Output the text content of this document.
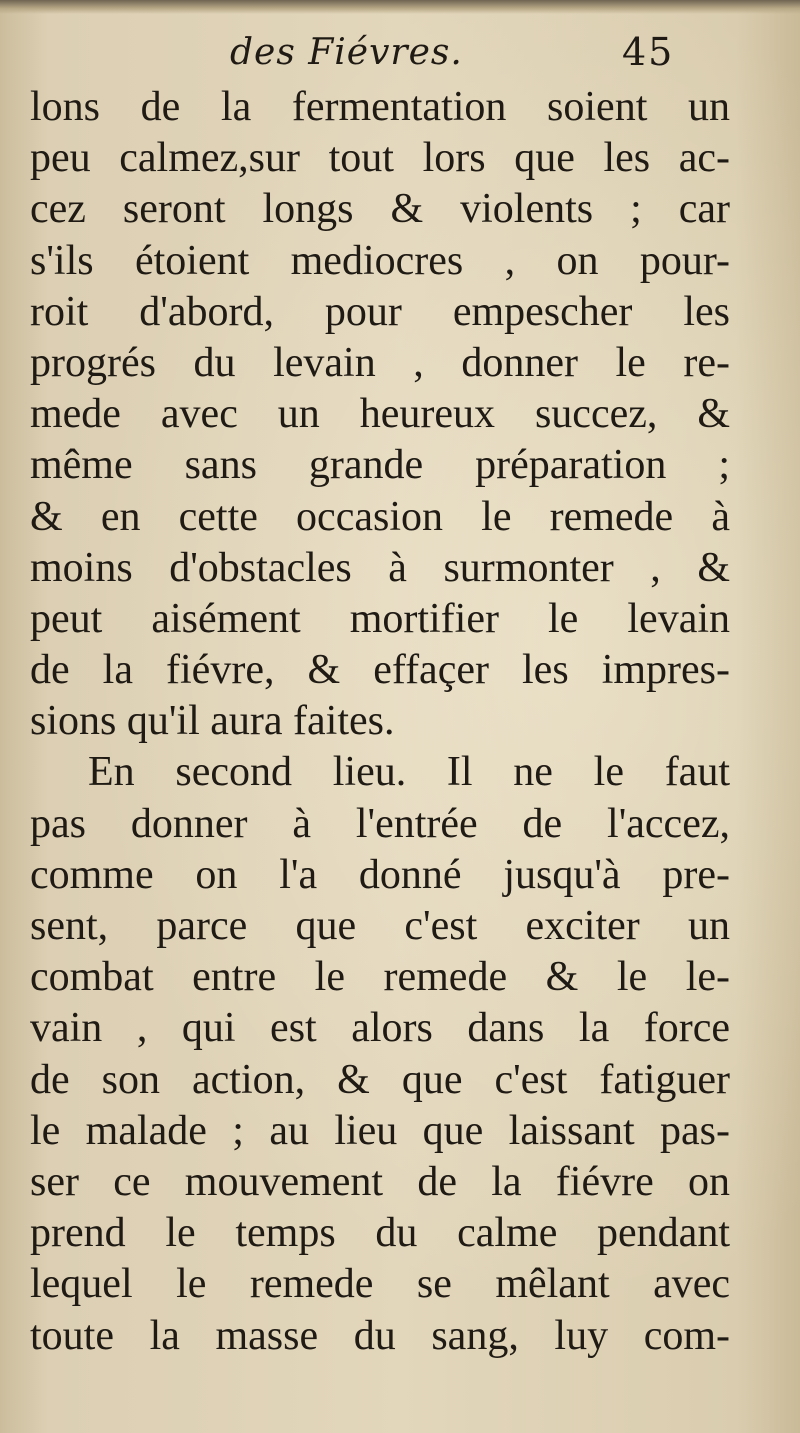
des Fiévres.	45
lons de la fermentation soient un
peu calmez,sur tout lors que les ac-
cez seront longs & violents ; car
s'ils étoient mediocres , on pour-
roit d'abord, pour empescher les
progrés du levain , donner le re-
mede avec un heureux succez, &
même sans grande préparation ;
& en cette occasion le remede à
moins d'obstacles à surmonter , &
peut aisément mortifier le levain
de la fiévre, & effaçer les impres-
sions qu'il aura faites.
En second lieu. Il ne le faut
pas donner à l'entrée de l'accez,
comme on l'a donné jusqu'à pre-
sent, parce que c'est exciter un
combat entre le remede & le le-
vain , qui est alors dans la force
de son action, & que c'est fatiguer
le malade ; au lieu que laissant pas-
ser ce mouvement de la fiévre on
prend le temps du calme pendant
lequel le remede se mêlant avec
toute la masse du sang, luy com-
